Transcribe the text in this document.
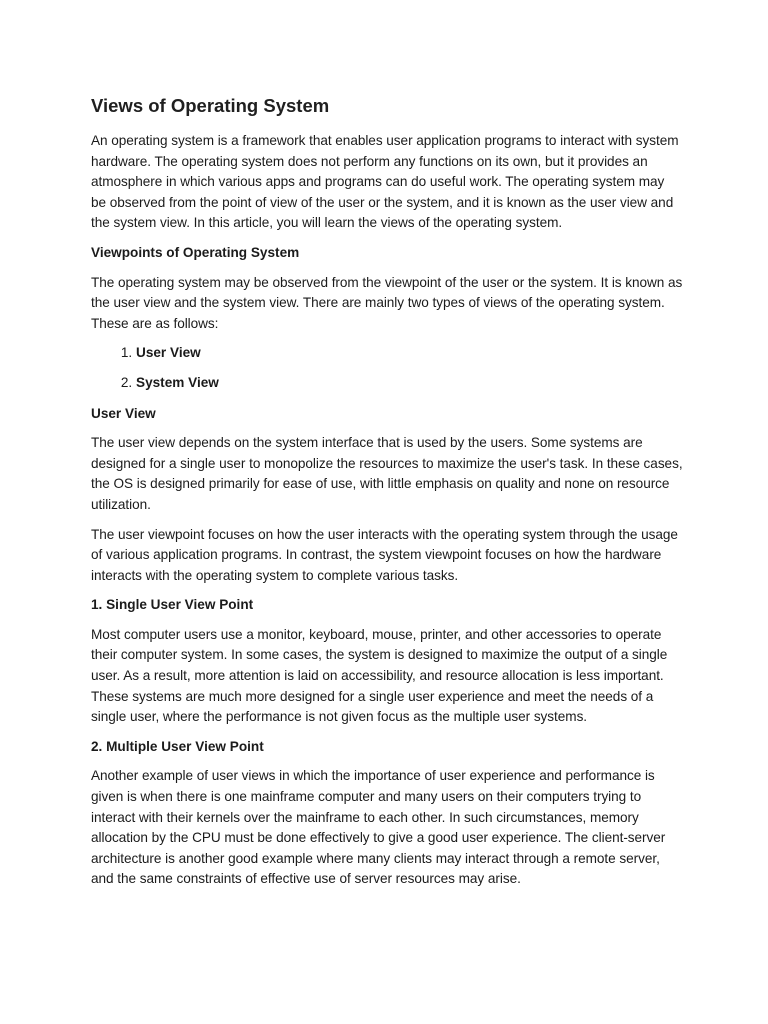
Views of Operating System

An operating system is a framework that enables user application programs to interact with system hardware. The operating system does not perform any functions on its own, but it provides an atmosphere in which various apps and programs can do useful work. The operating system may be observed from the point of view of the user or the system, and it is known as the user view and the system view. In this article, you will learn the views of the operating system.

Viewpoints of Operating System

The operating system may be observed from the viewpoint of the user or the system. It is known as the user view and the system view. There are mainly two types of views of the operating system. These are as follows:

1. User View
2. System View
User View

The user view depends on the system interface that is used by the users. Some systems are designed for a single user to monopolize the resources to maximize the user's task. In these cases, the OS is designed primarily for ease of use, with little emphasis on quality and none on resource utilization.

The user viewpoint focuses on how the user interacts with the operating system through the usage of various application programs. In contrast, the system viewpoint focuses on how the hardware interacts with the operating system to complete various tasks.

1. Single User View Point

Most computer users use a monitor, keyboard, mouse, printer, and other accessories to operate their computer system. In some cases, the system is designed to maximize the output of a single user. As a result, more attention is laid on accessibility, and resource allocation is less important. These systems are much more designed for a single user experience and meet the needs of a single user, where the performance is not given focus as the multiple user systems.

2. Multiple User View Point

Another example of user views in which the importance of user experience and performance is given is when there is one mainframe computer and many users on their computers trying to interact with their kernels over the mainframe to each other. In such circumstances, memory allocation by the CPU must be done effectively to give a good user experience. The client-server architecture is another good example where many clients may interact through a remote server, and the same constraints of effective use of server resources may arise.
